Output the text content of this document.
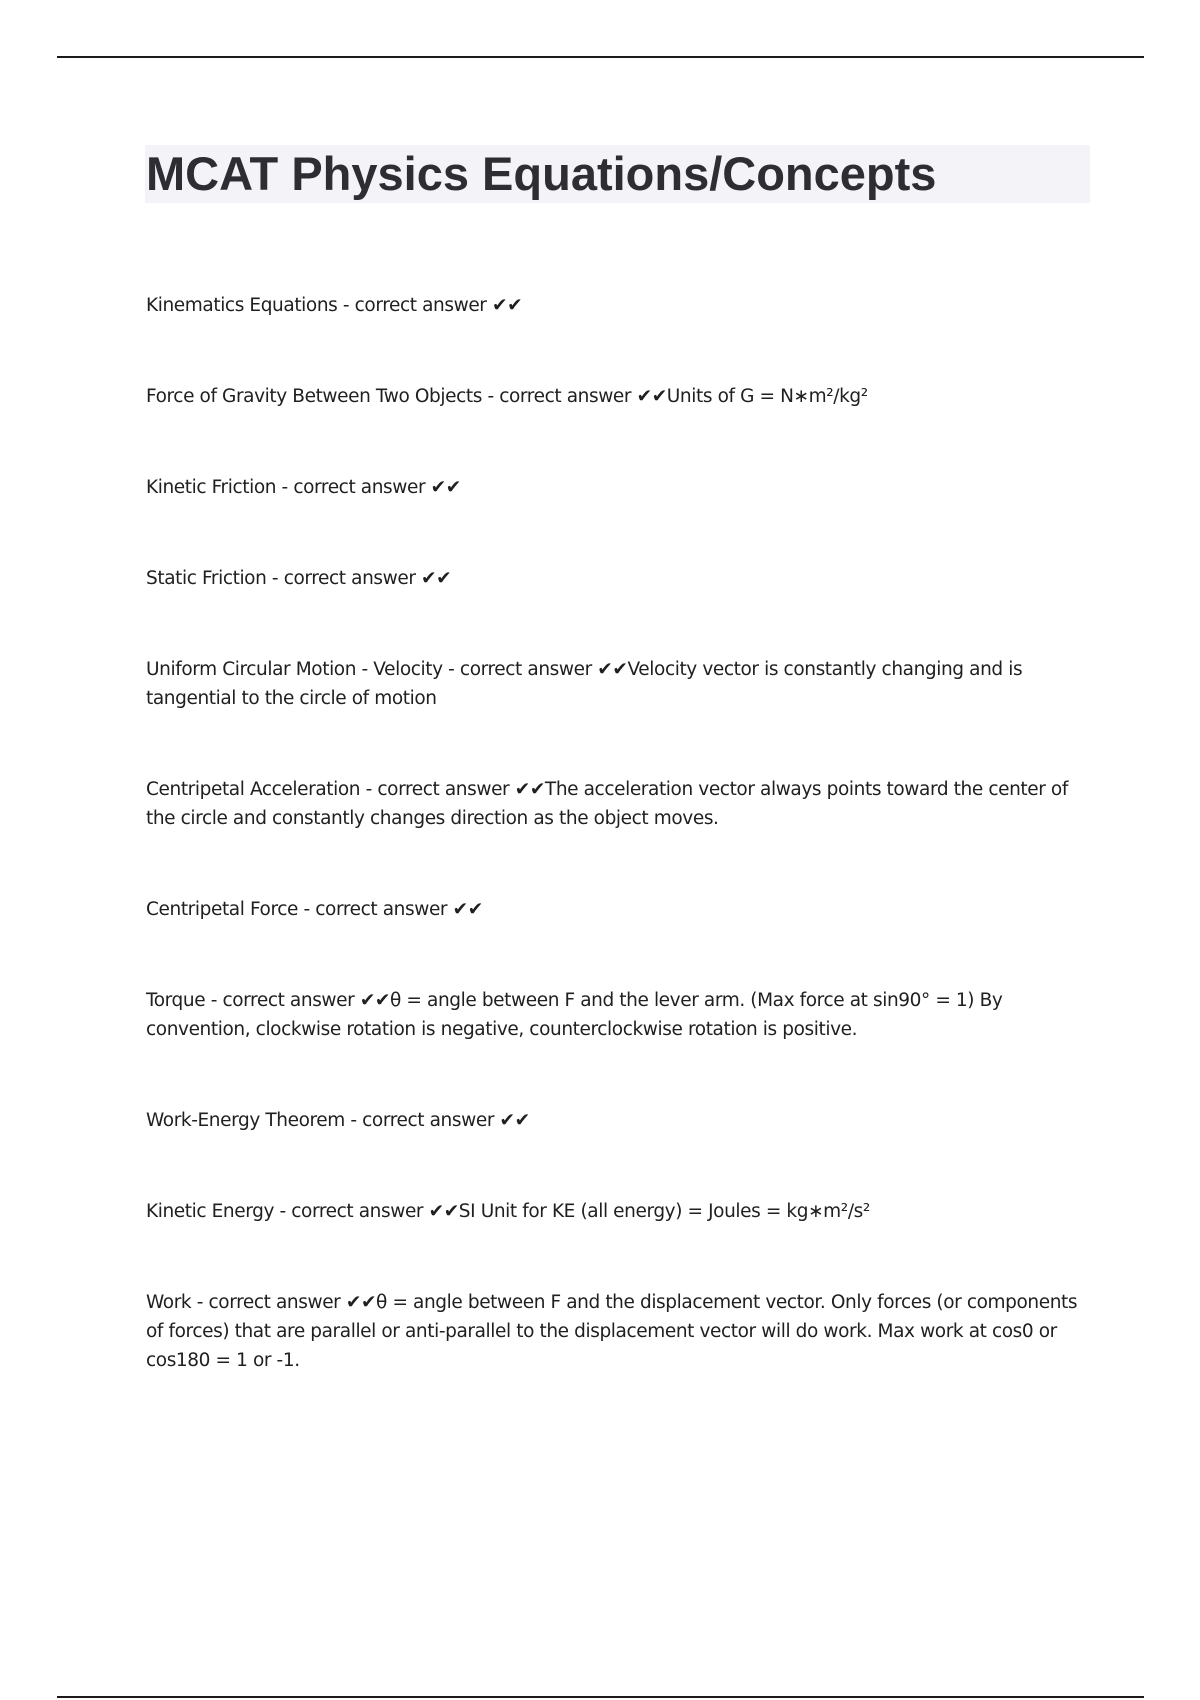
MCAT Physics Equations/Concepts
Kinematics Equations - correct answer ✔✔
Force of Gravity Between Two Objects - correct answer ✔✔Units of G = N∗m²/kg²
Kinetic Friction - correct answer ✔✔
Static Friction - correct answer ✔✔
Uniform Circular Motion - Velocity - correct answer ✔✔Velocity vector is constantly changing and is tangential to the circle of motion
Centripetal Acceleration - correct answer ✔✔The acceleration vector always points toward the center of the circle and constantly changes direction as the object moves.
Centripetal Force - correct answer ✔✔
Torque - correct answer ✔✔θ = angle between F and the lever arm. (Max force at sin90° = 1) By convention, clockwise rotation is negative, counterclockwise rotation is positive.
Work-Energy Theorem - correct answer ✔✔
Kinetic Energy - correct answer ✔✔SI Unit for KE (all energy) = Joules = kg∗m²/s²
Work - correct answer ✔✔θ = angle between F and the displacement vector. Only forces (or components of forces) that are parallel or anti-parallel to the displacement vector will do work. Max work at cos0 or cos180 = 1 or -1.
